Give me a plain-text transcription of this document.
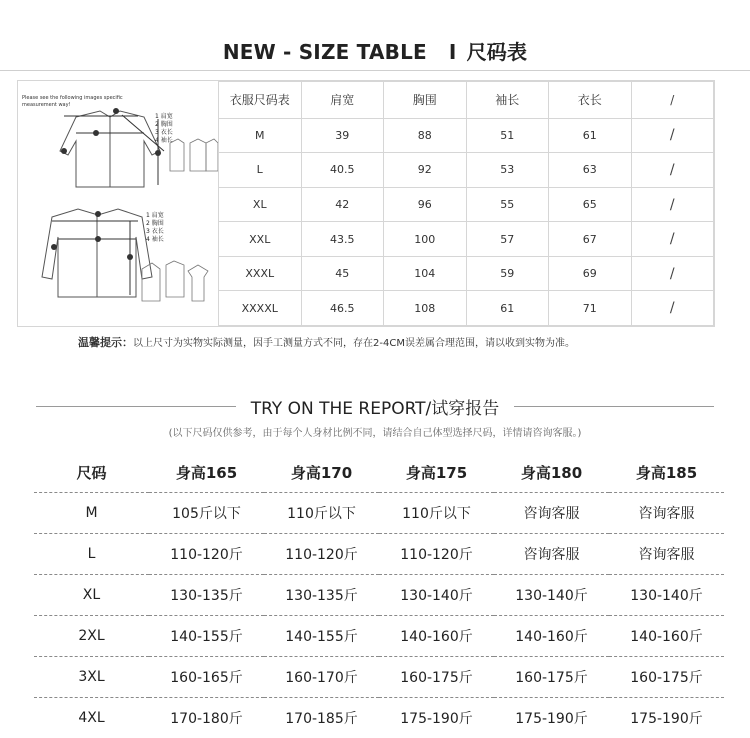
NEW - SIZE TABLE I 尺码表
Please see the following images specific measurement way!
1 肩宽
2 胸围
3 衣长
4 袖长
1 肩宽
2 胸围
3 衣长
4 袖长
衣服尺码表	肩宽	胸围	袖长	衣长	/
M	39	88	51	61	/
L	40.5	92	53	63	/
XL	42	96	55	65	/
XXL	43.5	100	57	67	/
XXXL	45	104	59	69	/
XXXXL	46.5	108	61	71	/
温馨提示：以上尺寸为实物实际测量，因手工测量方式不同，存在2-4CM误差属合理范围，请以收到实物为准。
TRY ON THE REPORT/试穿报告
(以下尺码仅供参考，由于每个人身材比例不同，请结合自己体型选择尺码，详情请咨询客服。)
尺码	身高165	身高170	身高175	身高180	身高185
M	105斤以下	110斤以下	110斤以下	咨询客服	咨询客服
L	110-120斤	110-120斤	110-120斤	咨询客服	咨询客服
XL	130-135斤	130-135斤	130-140斤	130-140斤	130-140斤
2XL	140-155斤	140-155斤	140-160斤	140-160斤	140-160斤
3XL	160-165斤	160-170斤	160-175斤	160-175斤	160-175斤
4XL	170-180斤	170-185斤	175-190斤	175-190斤	175-190斤
